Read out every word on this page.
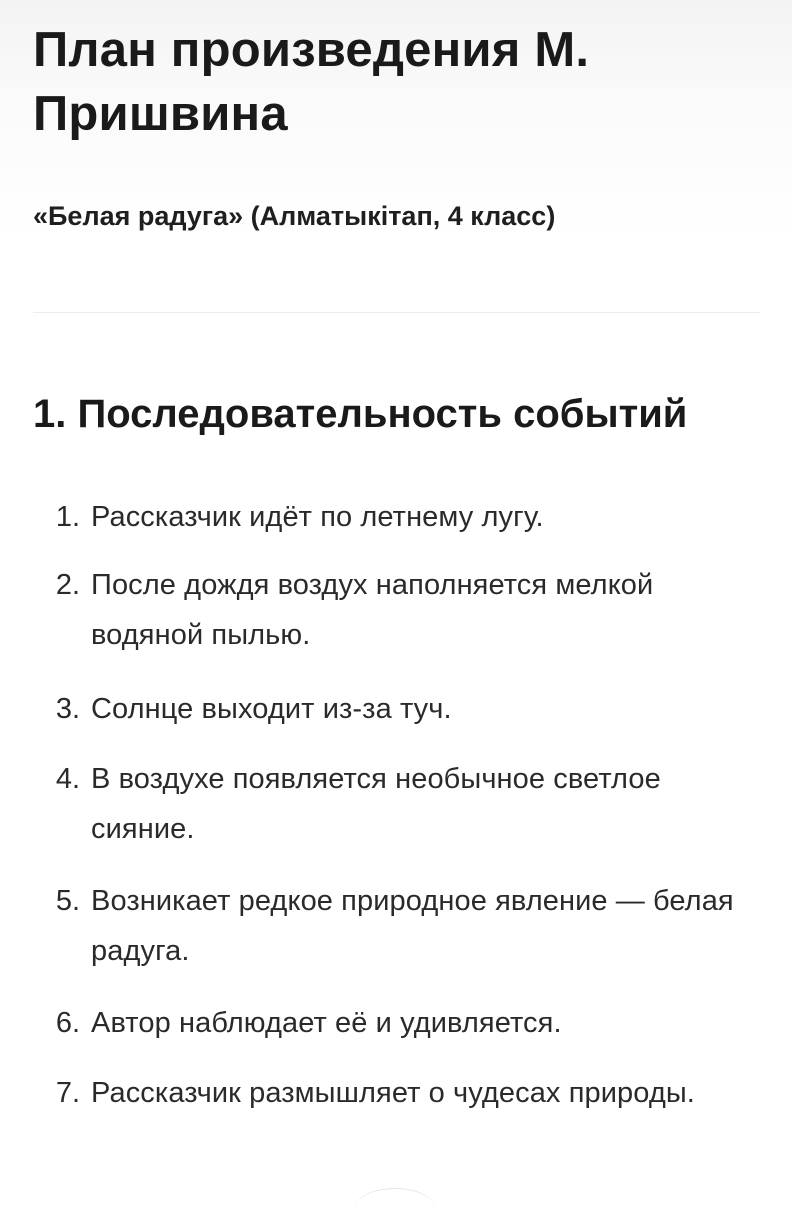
План произведения М. Пришвина

«Белая радуга» (Алматыкітап, 4 класс)

1. Последовательность событий
1. Рассказчик идёт по летнему лугу.
2. После дождя воздух наполняется мелкой водяной пылью.
3. Солнце выходит из-за туч.
4. В воздухе появляется необычное светлое сияние.
5. Возникает редкое природное явление — белая радуга.
6. Автор наблюдает её и удивляется.
7. Рассказчик размышляет о чудесах природы.
